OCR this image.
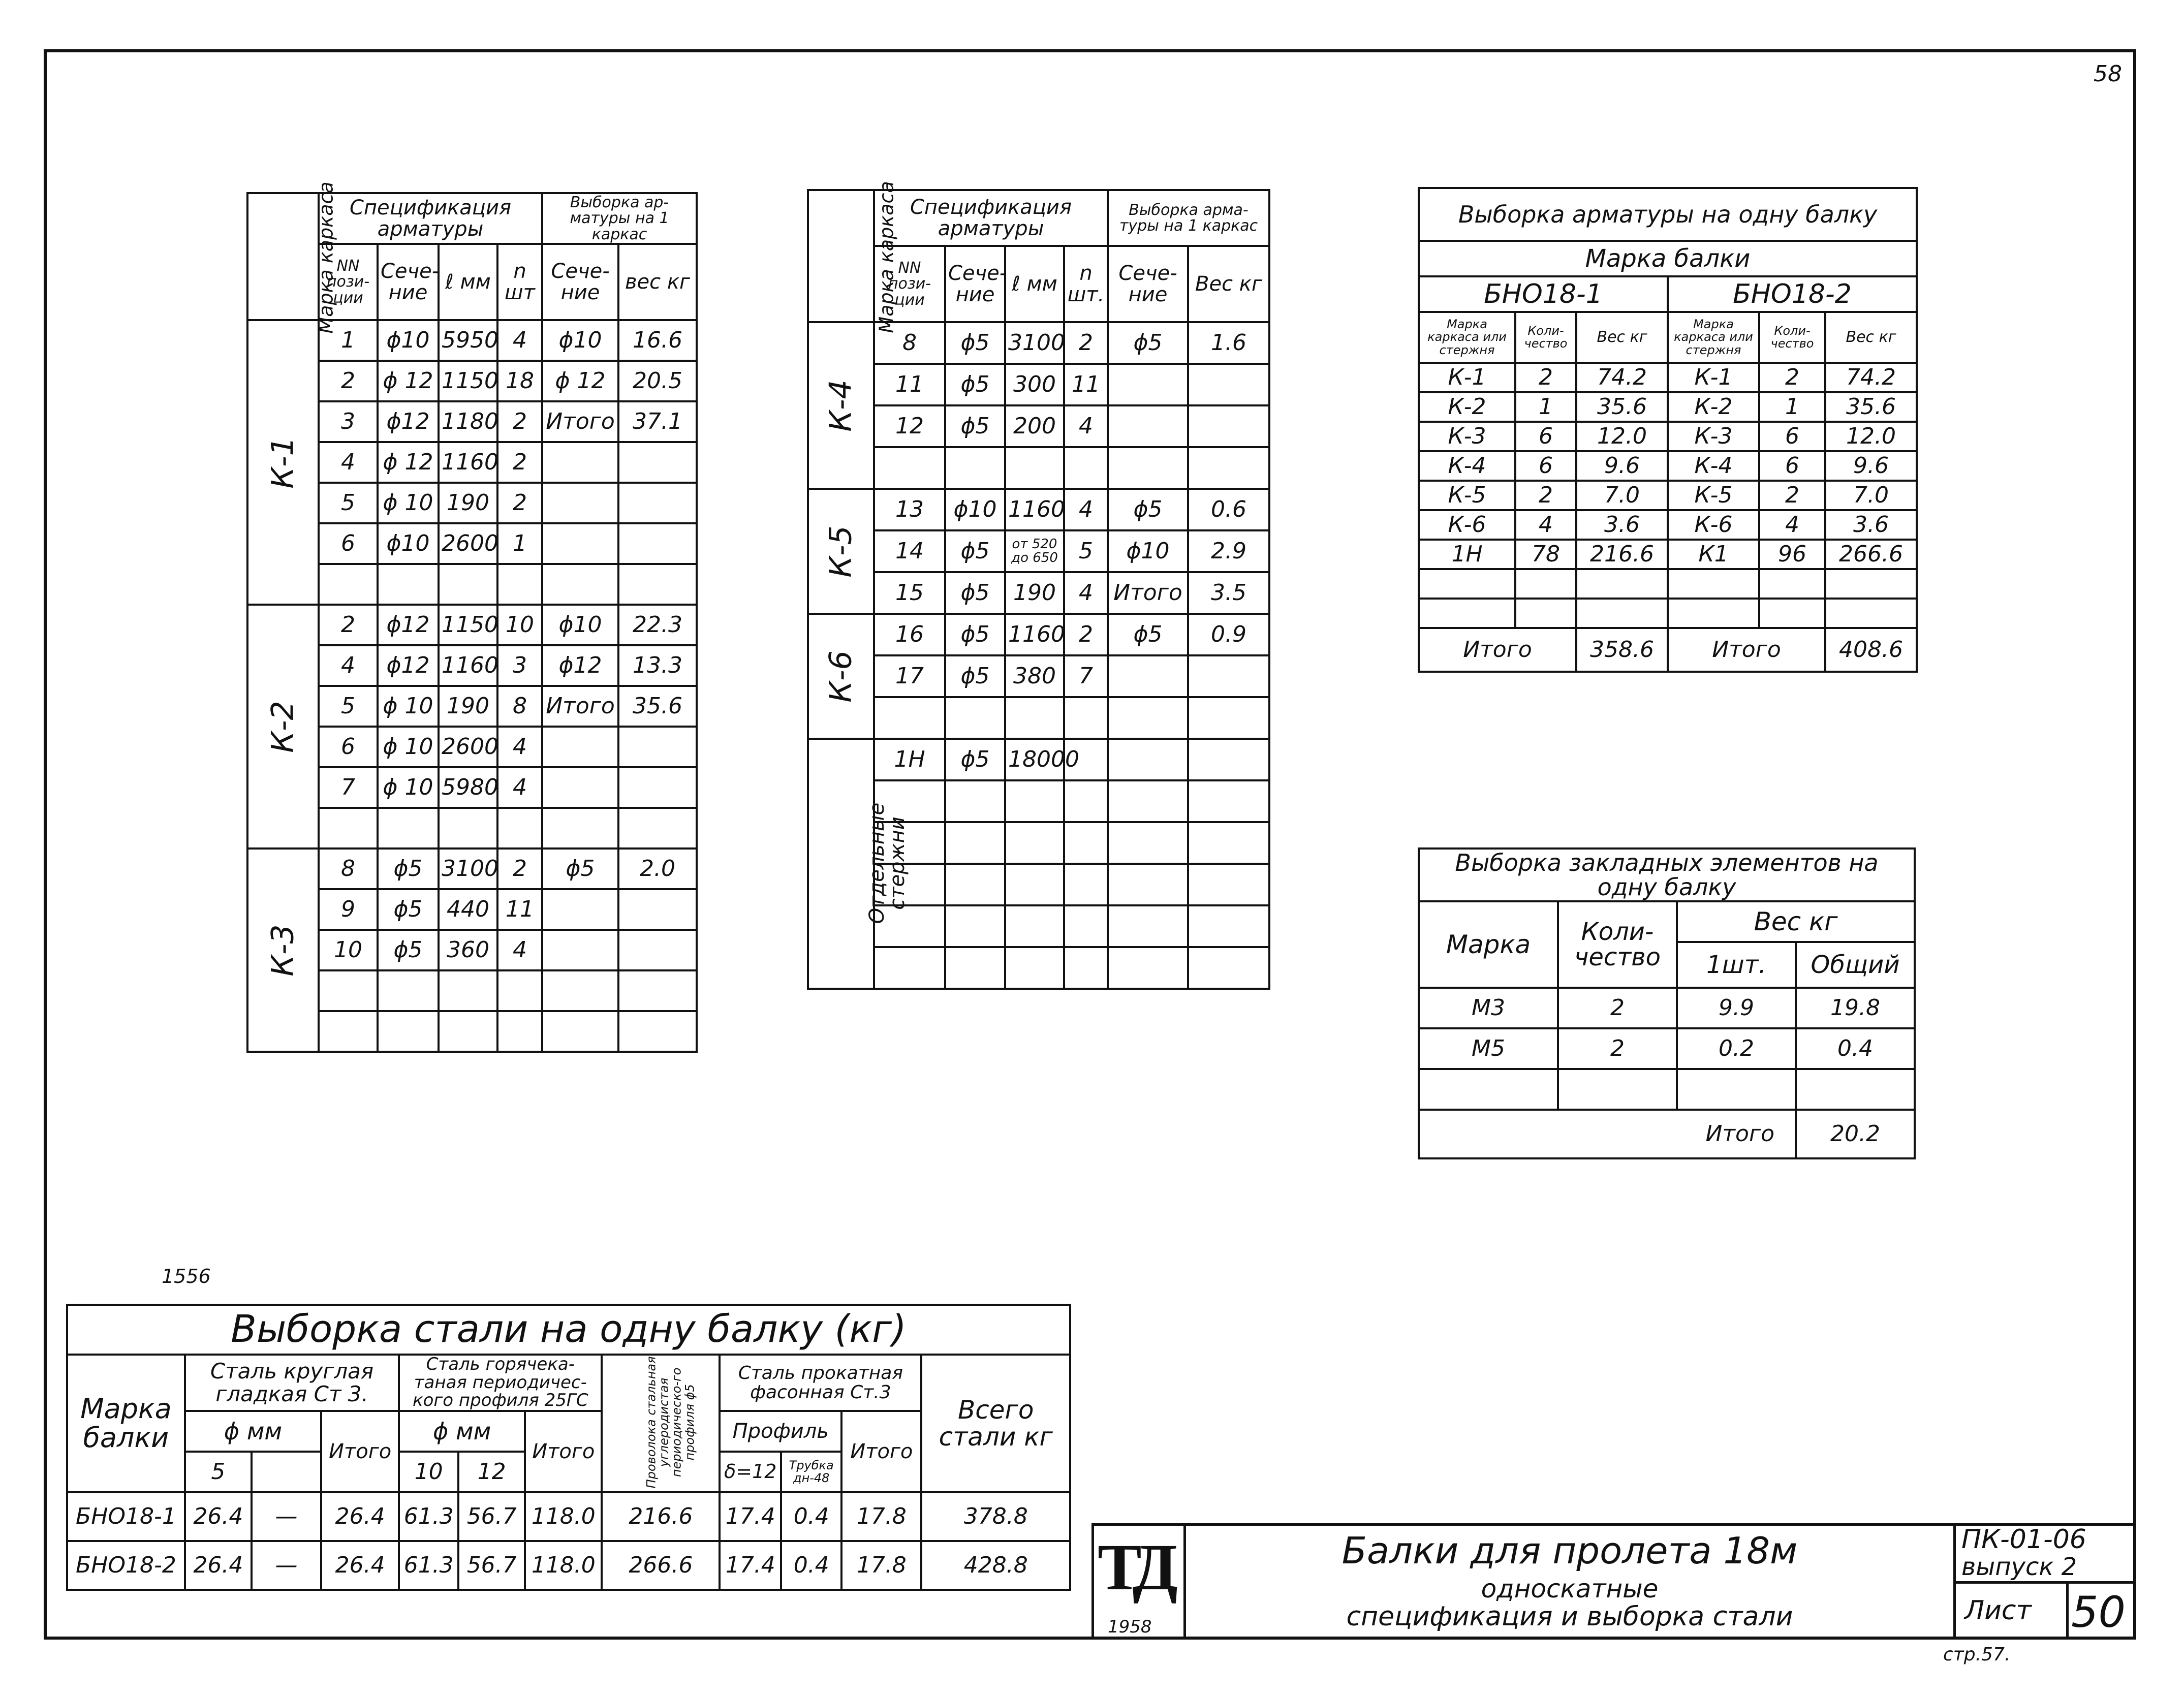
58
Марка каркаса	Спецификация арматуры				Выборка ар-матуры на 1 каркас	
	NN пози-ции	Сече-ние	ℓ мм	n шт	Сече-ние	вес кг
К-1	1	ϕ10	5950	4	ϕ10	16.6
	2	ϕ 12	1150	18	ϕ 12	20.5
	3	ϕ12	1180	2	Итого	37.1
	4	ϕ 12	1160	2		
	5	ϕ 10	190	2		
	6	ϕ10	2600	1		

К-2	2	ϕ12	1150	10	ϕ10	22.3
	4	ϕ12	1160	3	ϕ12	13.3
	5	ϕ 10	190	8	Итого	35.6
	6	ϕ 10	2600	4		
	7	ϕ 10	5980	4		

К-3	8	ϕ5	3100	2	ϕ5	2.0
	9	ϕ5	440	11		
	10	ϕ5	360	4		

Марка каркаса	Спецификация арматуры				Выборка арма-туры на 1 каркас	
	NN пози-ции	Сече-ние	ℓ мм	n шт.	Сече-ние	Вес кг
К-4	8	ϕ5	3100	2	ϕ5	1.6
	11	ϕ5	300	11		
	12	ϕ5	200	4		

К-5	13	ϕ10	1160	4	ϕ5	0.6
	14	ϕ5	от 520 до 650	5	ϕ10	2.9
	15	ϕ5	190	4	Итого	3.5
К-6	16	ϕ5	1160	2	ϕ5	0.9
	17	ϕ5	380	7		

Отдельные стержни	1Н	ϕ5	18000			

Выборка арматуры на одну балку					
Марка балки					
БНО18-1			БНО18-2		
Марка каркаса или стержня	Коли-чество	Вес кг	Марка каркаса или стержня	Коли-чество	Вес кг
К-1	2	74.2	К-1	2	74.2
К-2	1	35.6	К-2	1	35.6
К-3	6	12.0	К-3	6	12.0
К-4	6	9.6	К-4	6	9.6
К-5	2	7.0	К-5	2	7.0
К-6	4	3.6	К-6	4	3.6
1Н	78	216.6	К1	96	266.6

Итого		358.6	Итого		408.6
Выборка закладных элементов на одну балку			
Марка	Коли-чество	Вес кг	
		1шт.	Общий
М3	2	9.9	19.8
М5	2	0.2	0.4

Итого			20.2
1556
Выборка стали на одну балку (кг)											
Марка балки	Сталь круглая гладкая Ст 3.			Сталь горячека-таная периодичес-кого профиля 25ГС			Проволока стальная углеродистая периодическо-го профиля ϕ5	Сталь прокатная фасонная Ст.3			Всего стали кг
	ϕ мм		Итого	ϕ мм		Итого		Профиль		Итого	
	5			10	12			δ=12	Трубка дн-48		
БНО18-1	26.4	—	26.4	61.3	56.7	118.0	216.6	17.4	0.4	17.8	378.8
БНО18-2	26.4	—	26.4	61.3	56.7	118.0	266.6	17.4	0.4	17.8	428.8 ТД
1958
Балки для пролета 18м
односкатные
спецификация и выборка стали
ПК-01-06
выпуск 2
Лист 50
стр.57.
